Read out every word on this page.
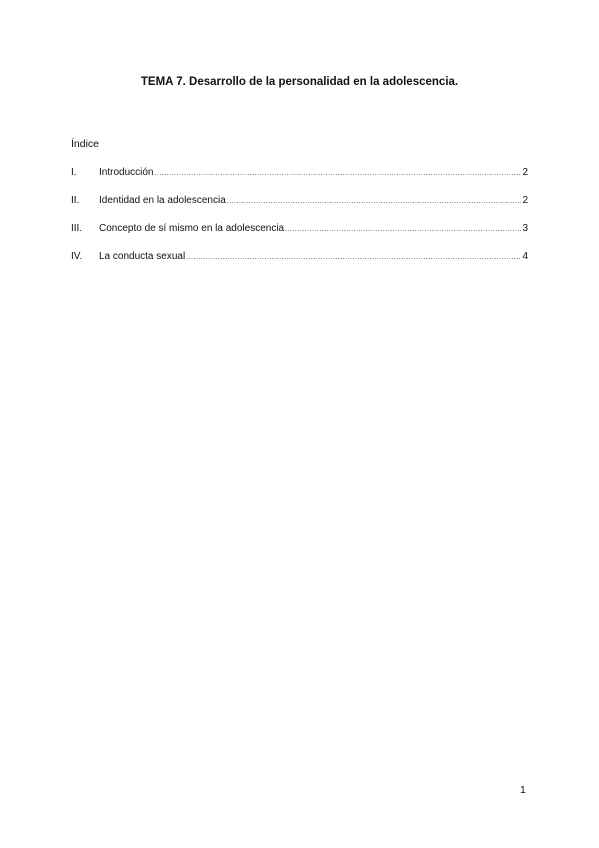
TEMA 7. Desarrollo de la personalidad en la adolescencia.
Índice
I.	Introducción .....	2
II.	Identidad en la adolescencia .....	2
III.	Concepto de sí mismo en la adolescencia .....	3
IV.	La conducta sexual .....	4
1
